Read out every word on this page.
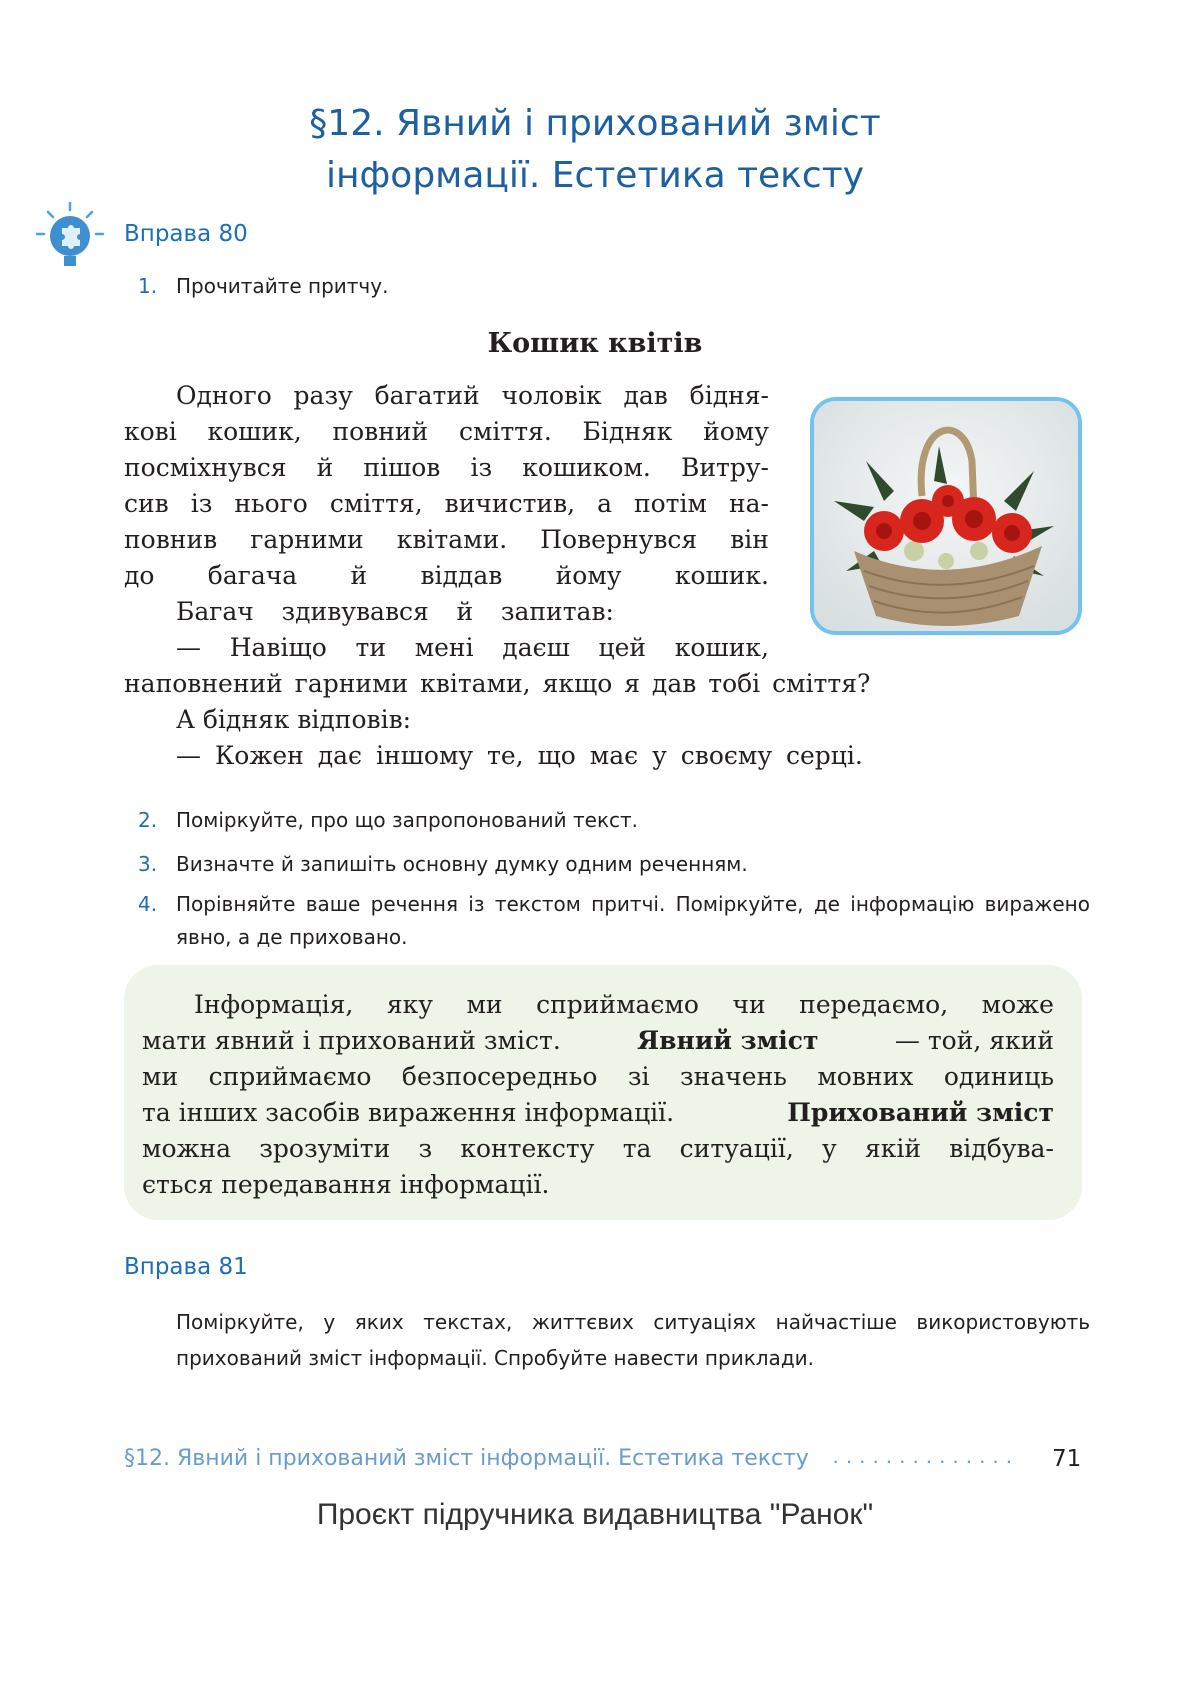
§12. Явний і прихований зміст
інформації. Естетика тексту
Вправа 80
1. Прочитайте притчу.
Кошик квітів
Одного разу багатий чоловік дав бідня-
кові кошик, повний сміття. Бідняк йому
посміхнувся й пішов із кошиком. Витру-
сив із нього сміття, вичистив, а потім на-
повнив гарними квітами. Повернувся він
до багача й віддав йому кошик.
Багач здивувався й запитав:
— Навіщо ти мені даєш цей кошик,
наповнений гарними квітами, якщо я дав тобі сміття?
А бідняк відповів:
— Кожен дає іншому те, що має у своєму серці.
2. Поміркуйте, про що запропонований текст.
3. Визначте й запишіть основну думку одним реченням.
4. Порівняйте ваше речення із текстом притчі. Поміркуйте, де інформацію виражено явно, а де приховано.
Інформація, яку ми сприймаємо чи передаємо, може
мати явний і прихований зміст.	Явний зміст	— той, який
ми сприймаємо безпосередньо зі значень мовних одиниць
та інших засобів вираження інформації.	Прихований зміст
можна зрозуміти з контексту та ситуації, у якій відбува-
ється передавання інформації.
Вправа 81
Поміркуйте, у яких текстах, життєвих ситуаціях найчастіше використовують прихований зміст інформації. Спробуйте навести приклади.
§12. Явний і прихований зміст інформації. Естетика тексту ··············	71
Проєкт підручника видавництва "Ранок"
